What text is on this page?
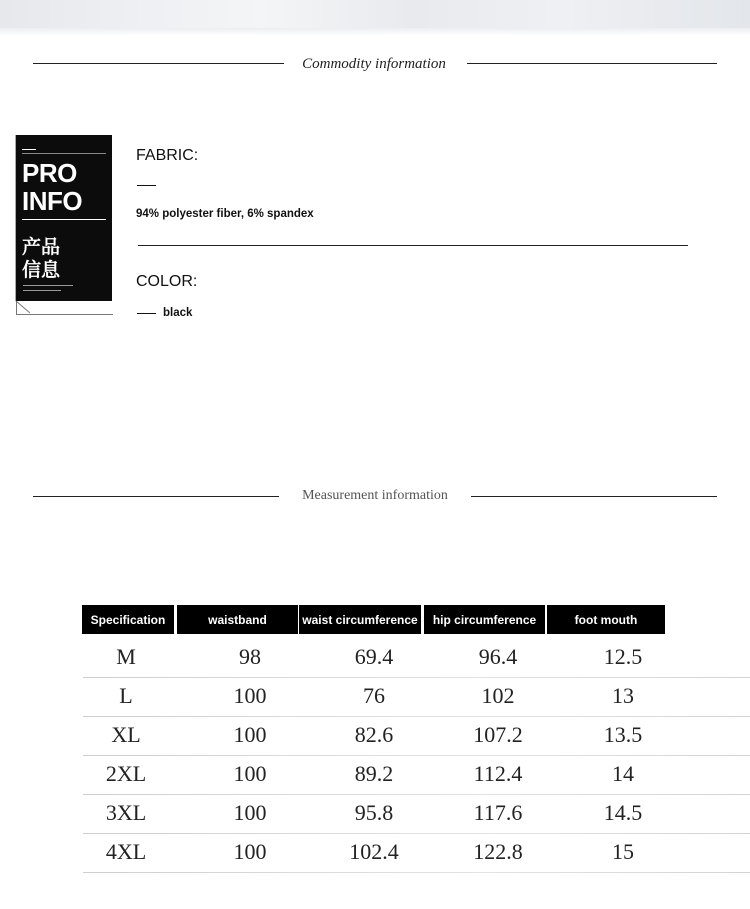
Commodity information
PRO
INFO
产品
信息
FABRIC:
94% polyester fiber, 6% spandex
COLOR:
black
Measurement information
Specification	waistband	waist circumference	hip circumference	foot mouth
M	98	69.4	96.4	12.5
L	100	76	102	13
XL	100	82.6	107.2	13.5
2XL	100	89.2	112.4	14
3XL	100	95.8	117.6	14.5
4XL	100	102.4	122.8	15
